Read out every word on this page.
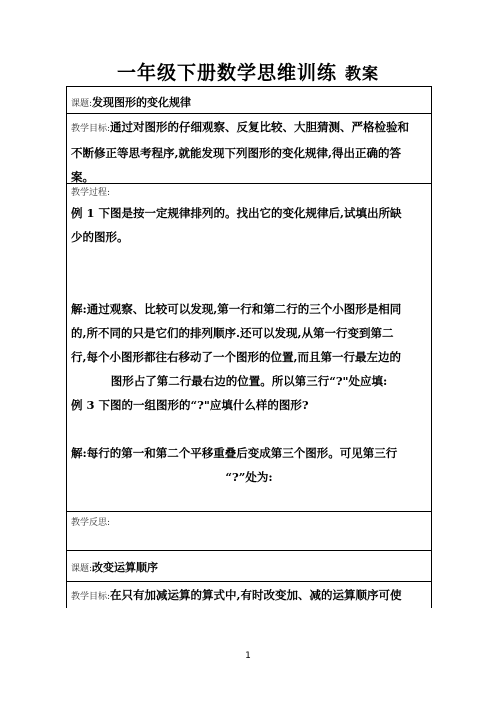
一年级下册数学思维训练 教案
课题:发现图形的变化规律
教学目标:通过对图形的仔细观察、反复比较、大胆猜测、严格检验和
不断修正等思考程序,就能发现下列图形的变化规律,得出正确的答
案。
教学过程:
例 1 下图是按一定规律排列的。找出它的变化规律后,试填出所缺
少的图形。
解:通过观察、比较可以发现,第一行和第二行的三个小图形是相同
的,所不同的只是它们的排列顺序.还可以发现,从第一行变到第二
行,每个小图形都往右移动了一个图形的位置,而且第一行最左边的
图形占了第二行最右边的位置。所以第三行“?"处应填:
例 3 下图的一组图形的“?"应填什么样的图形?
解:每行的第一和第二个平移重叠后变成第三个图形。可见第三行
“?”处为:
教学反思:
课题:改变运算顺序
教学目标:在只有加减运算的算式中,有时改变加、减的运算顺序可使
1
